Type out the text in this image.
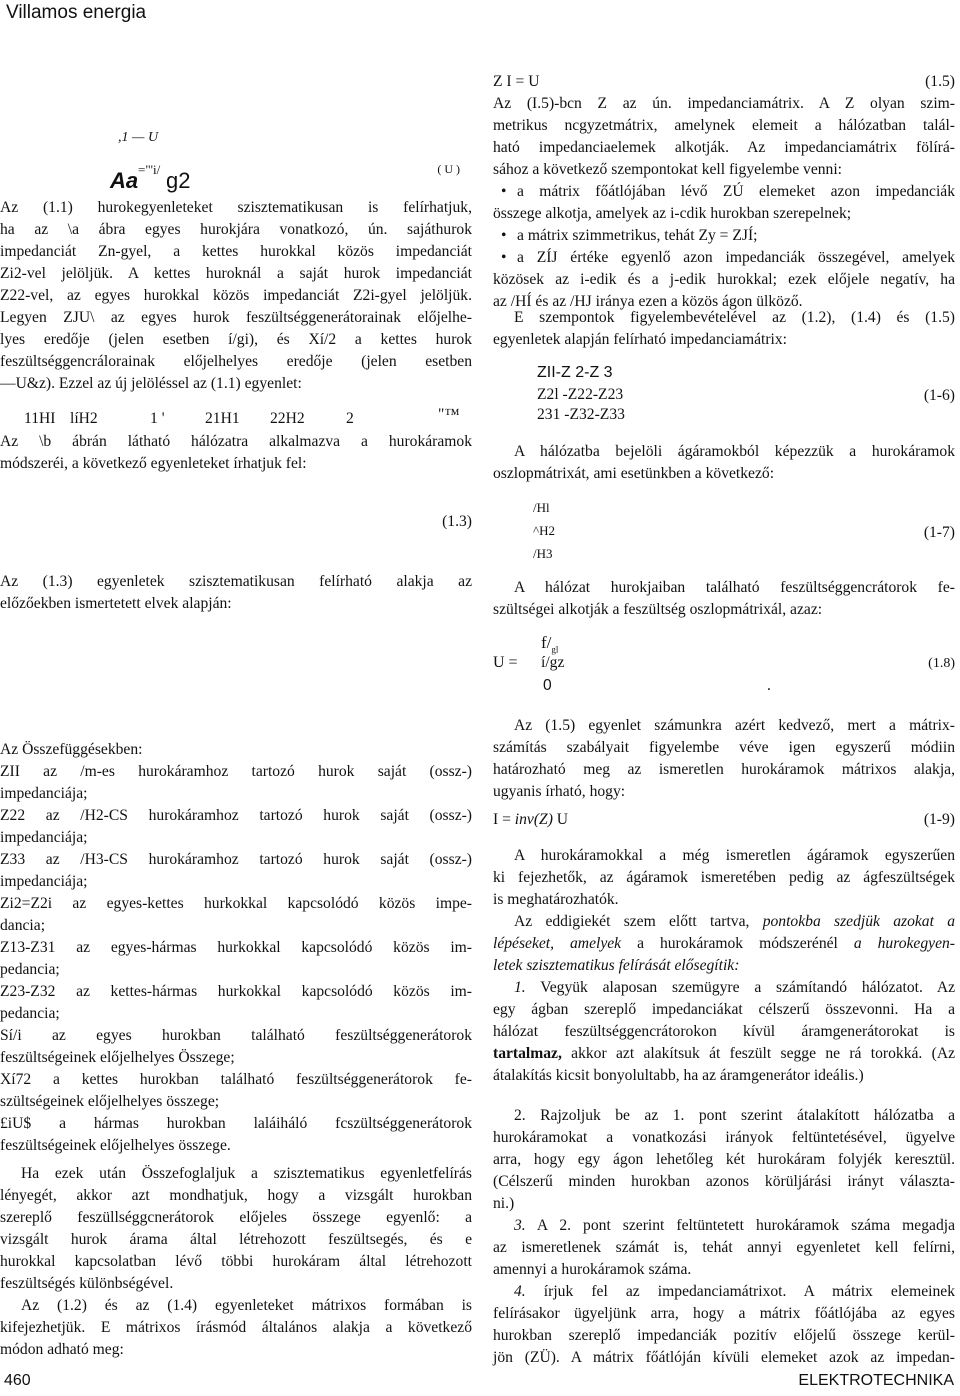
Villamos energia
,1 — U
Aa ="'i/ g2	( U )
Az (1.1) hurokegyenleteket szisztematikusan is felírhatjuk,
ha az \a ábra egyes hurokjára vonatkozó, ún. sajáthurok
impedanciát Zn-gyel, a kettes hurokkal közös impedanciát
Zi2-vel jelöljük. A kettes huroknál a saját hurok impedanciát
Z22-vel, az egyes hurokkal közös impedanciát Z2i-gyel jelöljük.
Legyen ZJU\ az egyes hurok feszültséggenerátorainak előjelhe-
lyes eredője (jelen esetben í/gi), és Xí/2 a kettes hurok
feszültséggencrálorainak előjelhelyes eredője (jelen esetben
—U&z). Ezzel az új jelöléssel az (1.1) egyenlet:
11HI líH2	1 '	21H1 22H2	2	"™
Az \b ábrán látható hálózatra alkalmazva a hurokáramok
módszeréi, a következő egyenleteket írhatjuk fel:
(1.3)
Az (1.3) egyenletek szisztematikusan felírható alakja az
előzőekben ismertetett elvek alapján:
Az Összefüggésekben:
ZII az /m-es hurokáramhoz tartozó hurok saját (ossz-)
impedanciája;
Z22 az /H2-CS hurokáramhoz tartozó hurok saját (ossz-)
impedanciája;
Z33 az /H3-CS hurokáramhoz tartozó hurok saját (ossz-)
impedanciája;
Zi2=Z2i az egyes-kettes hurkokkal kapcsolódó közös impe-
dancia;
Z13-Z31 az egyes-hármas hurkokkal kapcsolódó közös im-
pedancia;
Z23-Z32 az kettes-hármas hurkokkal kapcsolódó közös im-
pedancia;
Sí/i az egyes hurokban található feszültséggenerátorok
feszültségeinek előjelhelyes Összege;
Xí72 a kettes hurokban található feszültséggenerátorok fe-
szültségeinek előjelhelyes összege;
£iU$ a hármas hurokban laláiháló fcszültséggenerátorok
feszültségeinek előjelhelyes összege.
Ha ezek után Összefoglaljuk a szisztematikus egyenletfelírás
lényegét, akkor azt mondhatjuk, hogy a vizsgált hurokban
szereplő feszüllséggcnerátorok előjeles összege egyenlő: a
vizsgált hurok árama által létrehozott feszültsegés, és e
hurokkal kapcsolatban lévő többi hurokáram által létrehozott
feszültségés különbségével.
Az (1.2) és az (1.4) egyenleteket mátrixos formában is
kifejezhetjük. E mátrixos írásmód általános alakja a következő
módon adható meg:
Z I = U	(1.5)
Az (I.5)-bcn Z az ún. impedanciamátrix. A Z olyan szim-
metrikus ncgyzetmátrix, amelynek elemeit a hálózatban talál-
ható impedanciaelemek alkotják. Az impedanciamátrix fölírá-
sához a következő szempontokat kell figyelembe venni:
• a mátrix főátlójában lévő ZÚ elemeket azon impedanciák
összege alkotja, amelyek az i-cdik hurokban szerepelnek;
• a mátrix szimmetrikus, tehát Zy = ZJÍ;
• a ZÍJ értéke egyenlő azon impedanciák összegével, amelyek
közösek az i-edik és a j-edik hurokkal; ezek előjele negatív, ha
az /HÍ és az /HJ iránya ezen a közös ágon ülköző.
E szempontok figyelembevételével az (1.2), (1.4) és (1.5)
egyenletek alapján felírható impedanciamátrix:
ZII-Z 2-Z 3
Z2l -Z22-Z23
231 -Z32-Z33
(1-6)
A hálózatba bejelöli ágáramokból képezzük a hurokáramok
oszlopmátrixát, ami esetünkben a következő:
/Hl
^H2
/H3
(1-7)
A hálózat hurokjaiban található feszültséggencrátorok fe-
szültségei alkotják a feszültség oszlopmátrixál, azaz:
U =
$f/_{gl}$
í/gz
0	.
(1.8)
Az (1.5) egyenlet számunkra azért kedvező, mert a mátrix-
számítás szabályait figyelembe véve igen egyszerű módiin
határozható meg az ismeretlen hurokáramok mátrixos alakja,
ugyanis írható, hogy:
I = inv(Z) U	(1-9)
A hurokáramokkal a még ismeretlen ágáramok egyszerűen
ki fejezhetők, az ágáramok ismeretében pedig az ágfeszültségek
is meghatározhatók.
Az eddigiekét szem előtt tartva, pontokba szedjük azokat a
lépéseket, amelyek a hurokáramok módszerénél a hurokegyen-
letek szisztematikus felírását elősegítik:
1. Vegyük alaposan szemügyre a számítandó hálózatot. Az
egy ágban szereplő impedanciákat célszerű összevonni. Ha a
hálózat feszültséggencrátorokon kívül áramgenerátorokat is
tartalmaz, akkor azt alakítsuk át feszült segge ne rá torokká. (Az
átalakítás kicsit bonyolultabb, ha az áramgenerátor ideális.)
2. Rajzoljuk be az 1. pont szerint átalakított hálózatba a
hurokáramokat a vonatkozási irányok feltüntetésével, ügyelve
arra, hogy egy ágon lehetőleg két hurokáram folyjék keresztül.
(Célszerű minden hurokban azonos körüljárási irányt választa-
ni.)
3. A 2. pont szerint feltüntetett hurokáramok száma megadja
az ismeretlenek számát is, tehát annyi egyenletet kell felírni,
amennyi a hurokáramok száma.
4. írjuk fel az impedanciamátrixot. A mátrix elemeinek
felírásakor ügyeljünk arra, hogy a mátrix főátlójába az egyes
hurokban szereplő impedanciák pozitív előjelű összege kerül-
jön (ZÜ). A mátrix főátlóján kívüli elemeket azok az impedan-
460	ELEKTROTECHNIKA
